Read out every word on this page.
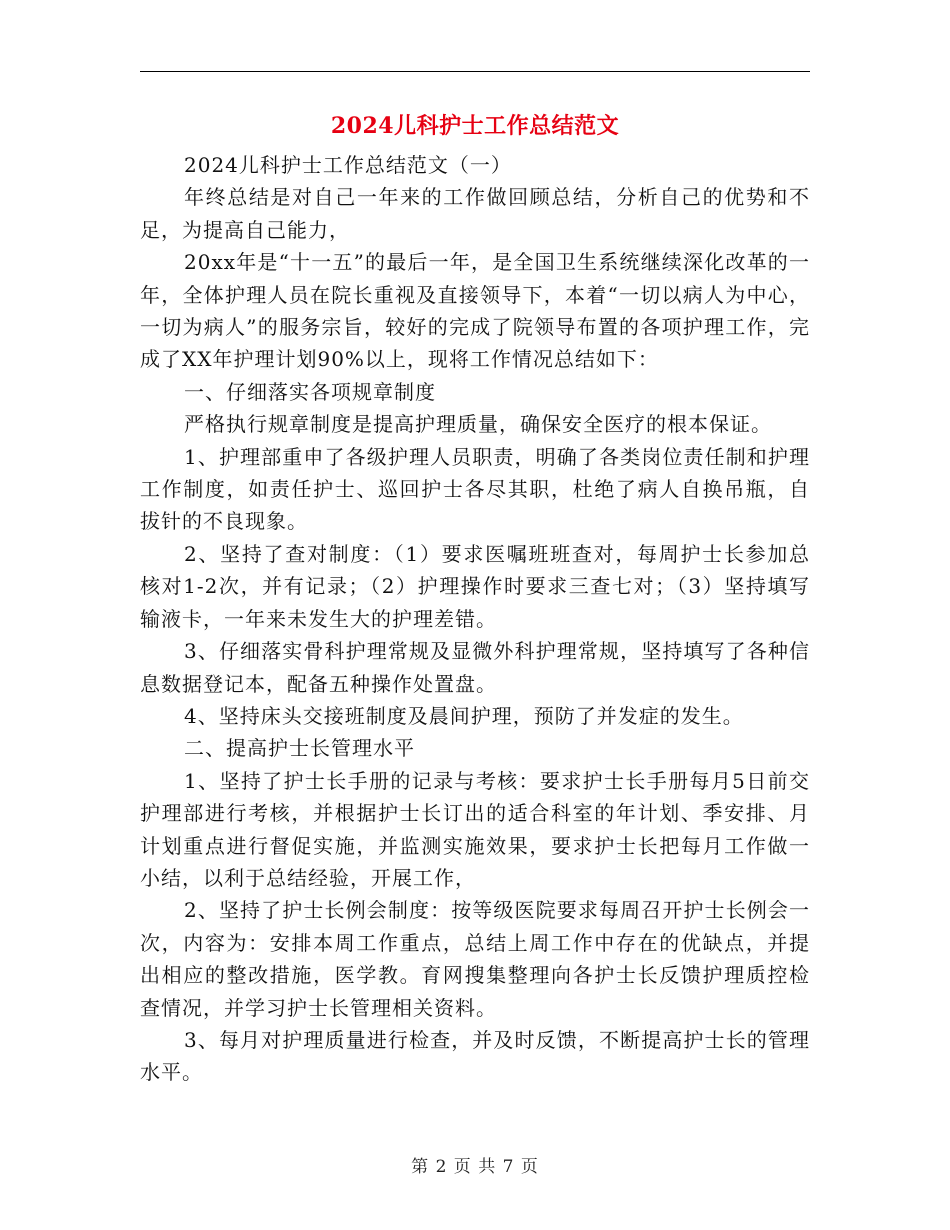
2024儿科护士工作总结范文

2024儿科护士工作总结范文（一）

年终总结是对自己一年来的工作做回顾总结，分析自己的优势和不足，为提高自己能力，

20xx年是“十一五”的最后一年，是全国卫生系统继续深化改革的一年，全体护理人员在院长重视及直接领导下，本着“一切以病人为中心，一切为病人”的服务宗旨，较好的完成了院领导布置的各项护理工作，完成了XX年护理计划90%以上，现将工作情况总结如下：

一、仔细落实各项规章制度

严格执行规章制度是提高护理质量，确保安全医疗的根本保证。

1、护理部重申了各级护理人员职责，明确了各类岗位责任制和护理工作制度，如责任护士、巡回护士各尽其职，杜绝了病人自换吊瓶，自拔针的不良现象。

2、坚持了查对制度：（1）要求医嘱班班查对，每周护士长参加总核对1-2次，并有记录；（2）护理操作时要求三查七对；（3）坚持填写输液卡，一年来未发生大的护理差错。

3、仔细落实骨科护理常规及显微外科护理常规，坚持填写了各种信息数据登记本，配备五种操作处置盘。

4、坚持床头交接班制度及晨间护理，预防了并发症的发生。

二、提高护士长管理水平

1、坚持了护士长手册的记录与考核：要求护士长手册每月5日前交护理部进行考核，并根据护士长订出的适合科室的年计划、季安排、月计划重点进行督促实施，并监测实施效果，要求护士长把每月工作做一小结，以利于总结经验，开展工作，

2、坚持了护士长例会制度：按等级医院要求每周召开护士长例会一次，内容为：安排本周工作重点，总结上周工作中存在的优缺点，并提出相应的整改措施，医学教。育网搜集整理向各护士长反馈护理质控检查情况，并学习护士长管理相关资料。

3、每月对护理质量进行检查，并及时反馈，不断提高护士长的管理水平。

第 2 页 共 7 页
